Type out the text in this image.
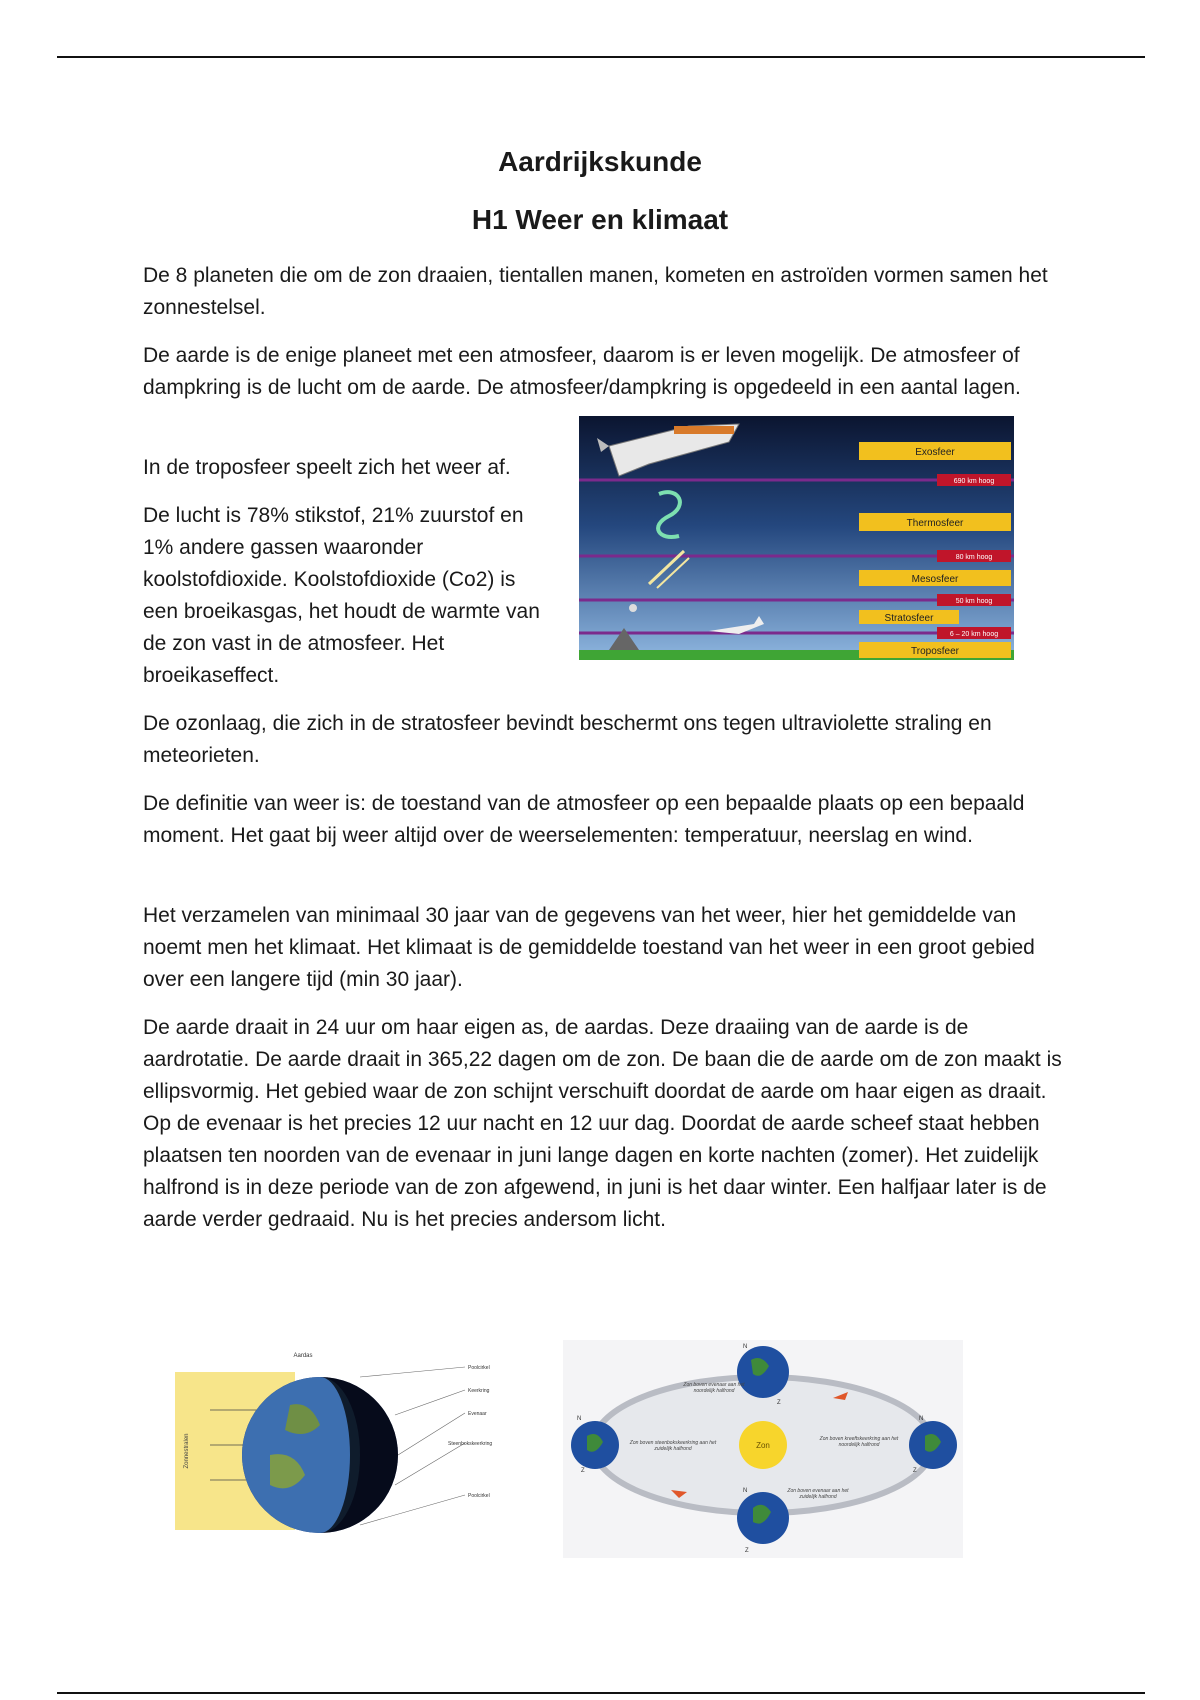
Aardrijkskunde
H1 Weer en klimaat

De 8 planeten die om de zon draaien, tientallen manen, kometen en astroïden vormen samen het zonnestelsel.

De aarde is de enige planeet met een atmosfeer, daarom is er leven mogelijk. De atmosfeer of dampkring is de lucht om de aarde. De atmosfeer/dampkring is opgedeeld in een aantal lagen.

In de troposfeer speelt zich het weer af.

De lucht is 78% stikstof, 21% zuurstof en 1% andere gassen waaronder koolstofdioxide. Koolstofdioxide (Co2) is een broeikasgas, het houdt de warmte van de zon vast in de atmosfeer. Het broeikaseffect.

De ozonlaag, die zich in de stratosfeer bevindt beschermt ons tegen ultraviolette straling en meteorieten.

De definitie van weer is: de toestand van de atmosfeer op een bepaalde plaats op een bepaald moment. Het gaat bij weer altijd over de weerselementen: temperatuur, neerslag en wind.

Het verzamelen van minimaal 30 jaar van de gegevens van het weer, hier het gemiddelde van noemt men het klimaat. Het klimaat is de gemiddelde toestand van het weer in een groot gebied over een langere tijd (min 30 jaar).

De aarde draait in 24 uur om haar eigen as, de aardas. Deze draaiing van de aarde is de aardrotatie. De aarde draait in 365,22 dagen om de zon. De baan die de aarde om de zon maakt is ellipsvormig. Het gebied waar de zon schijnt verschuift doordat de aarde om haar eigen as draait. Op de evenaar is het precies 12 uur nacht en 12 uur dag. Doordat de aarde scheef staat hebben plaatsen ten noorden van de evenaar in juni lange dagen en korte nachten (zomer). Het zuidelijk halfrond is in deze periode van de zon afgewend, in juni is het daar winter. Een halfjaar later is de aarde verder gedraaid. Nu is het precies andersom licht.

Exosfeer
Thermosfeer
Mesosfeer
Stratosfeer
Troposfeer
690 km hoog
80 km hoog
50 km hoog
6 – 20 km hoog
Zonnestralen
Aardas
Poolcirkel
Keerkring
Evenaar
Steenbokskeerkring
Poolcirkel
Zon
N
N
N	N
Z
Z
Z	Z
Zon boven evenaar aan het noordelijk halfrond
Zon boven steenbokskeerkring aan het zuidelijk halfrond
Zon boven kreeftskeerkring aan het noordelijk halfrond
Zon boven evenaar aan het zuidelijk halfrond
